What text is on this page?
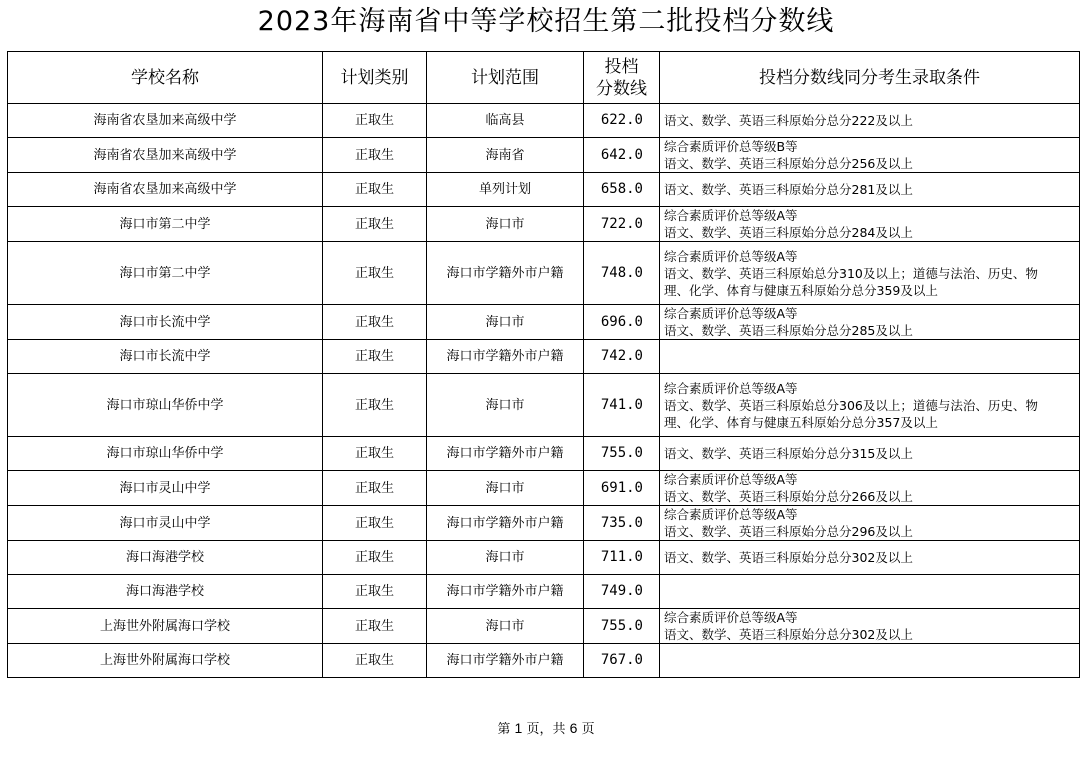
2023年海南省中等学校招生第二批投档分数线
学校名称	计划类别	计划范围	投档
分数线	投档分数线同分考生录取条件
海南省农垦加来高级中学	正取生	临高县	622.0	语文、数学、英语三科原始分总分222及以上

海南省农垦加来高级中学	正取生	海南省	642.0	综合素质评价总等级B等
语文、数学、英语三科原始分总分256及以上

海南省农垦加来高级中学	正取生	单列计划	658.0	语文、数学、英语三科原始分总分281及以上

海口市第二中学	正取生	海口市	722.0	综合素质评价总等级A等
语文、数学、英语三科原始分总分284及以上

海口市第二中学	正取生	海口市学籍外市户籍	748.0	综合素质评价总等级A等
语文、数学、英语三科原始总分310及以上；道德与法治、历史、物
理、化学、体育与健康五科原始分总分359及以上

海口市长流中学	正取生	海口市	696.0	综合素质评价总等级A等
语文、数学、英语三科原始分总分285及以上

海口市长流中学	正取生	海口市学籍外市户籍	742.0	
海口市琼山华侨中学	正取生	海口市	741.0	综合素质评价总等级A等
语文、数学、英语三科原始总分306及以上；道德与法治、历史、物
理、化学、体育与健康五科原始分总分357及以上

海口市琼山华侨中学	正取生	海口市学籍外市户籍	755.0	语文、数学、英语三科原始分总分315及以上

海口市灵山中学	正取生	海口市	691.0	综合素质评价总等级A等
语文、数学、英语三科原始分总分266及以上

海口市灵山中学	正取生	海口市学籍外市户籍	735.0	综合素质评价总等级A等
语文、数学、英语三科原始分总分296及以上

海口海港学校	正取生	海口市	711.0	语文、数学、英语三科原始分总分302及以上

海口海港学校	正取生	海口市学籍外市户籍	749.0	
上海世外附属海口学校	正取生	海口市	755.0	综合素质评价总等级A等
语文、数学、英语三科原始分总分302及以上

上海世外附属海口学校	正取生	海口市学籍外市户籍	767.0	
第 1 页，共 6 页
